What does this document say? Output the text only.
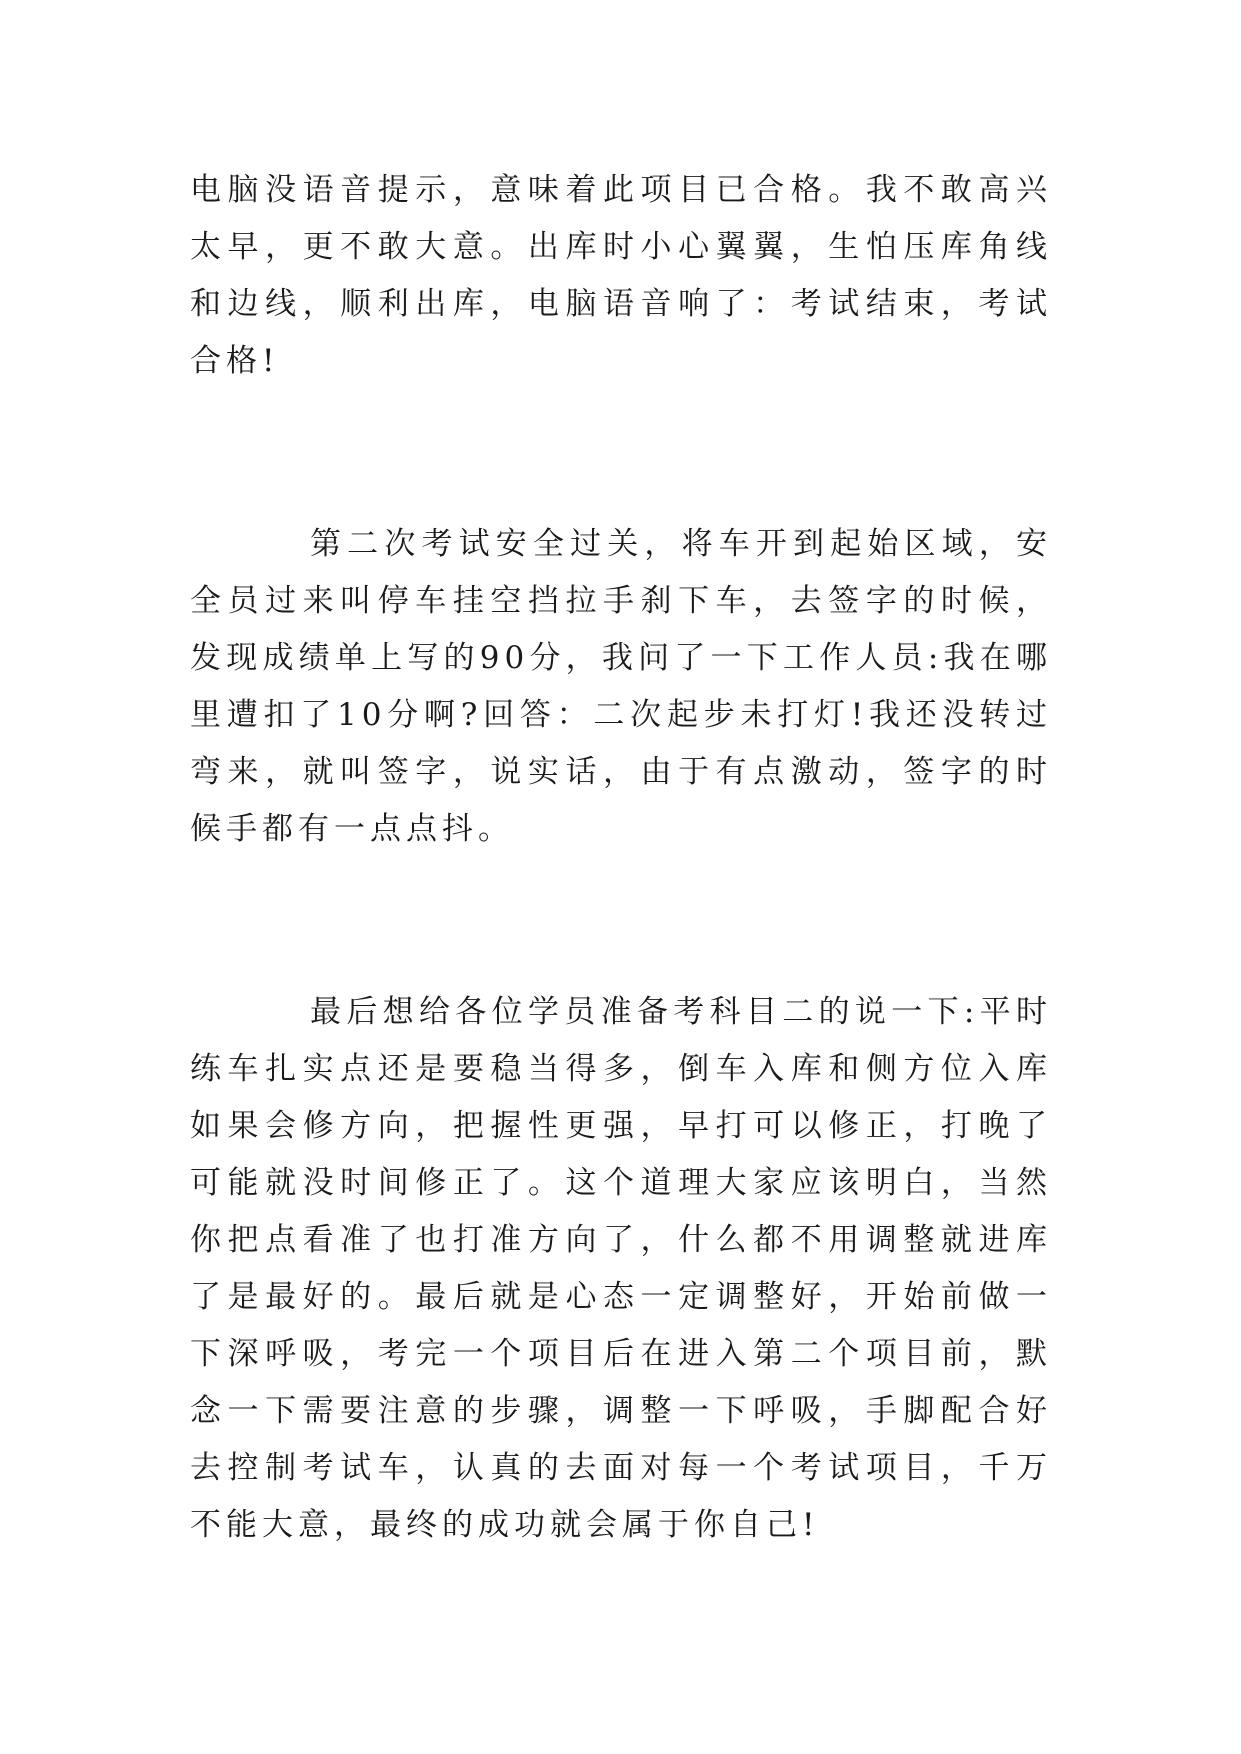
电脑没语音提示，意味着此项目已合格。我不敢高兴太早，更不敢大意。出库时小心翼翼，生怕压库角线和边线，顺利出库，电脑语音响了：考试结束，考试合格!

第二次考试安全过关，将车开到起始区域，安全员过来叫停车挂空挡拉手刹下车，去签字的时候，发现成绩单上写的90分，我问了一下工作人员:我在哪里遭扣了10分啊?回答：二次起步未打灯!我还没转过弯来，就叫签字，说实话，由于有点激动，签字的时候手都有一点点抖。

最后想给各位学员准备考科目二的说一下:平时练车扎实点还是要稳当得多，倒车入库和侧方位入库如果会修方向，把握性更强，早打可以修正，打晚了可能就没时间修正了。这个道理大家应该明白，当然你把点看准了也打准方向了，什么都不用调整就进库了是最好的。最后就是心态一定调整好，开始前做一下深呼吸，考完一个项目后在进入第二个项目前，默念一下需要注意的步骤，调整一下呼吸，手脚配合好去控制考试车，认真的去面对每一个考试项目，千万不能大意，最终的成功就会属于你自己!
